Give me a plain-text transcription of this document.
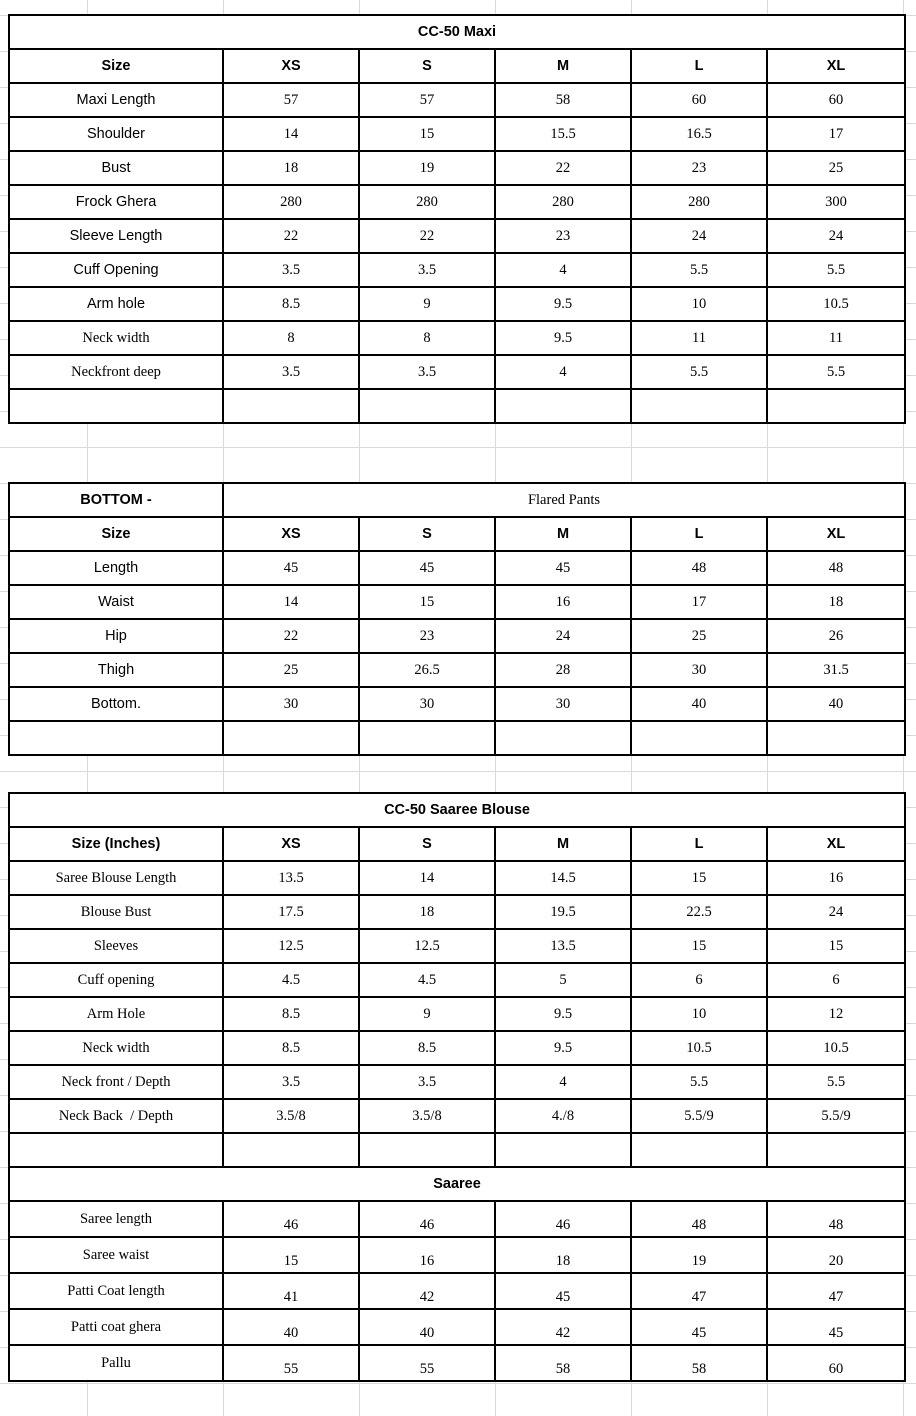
CC-50 Maxi					
Size	XS	S	M	L	XL
Maxi Length	57	57	58	60	60
Shoulder	14	15	15.5	16.5	17
Bust	18	19	22	23	25
Frock Ghera	280	280	280	280	300
Sleeve Length	22	22	23	24	24
Cuff Opening	3.5	3.5	4	5.5	5.5
Arm hole	8.5	9	9.5	10	10.5
Neck width	8	8	9.5	11	11
Neckfront deep	3.5	3.5	4	5.5	5.5

BOTTOM -	Flared Pants				
Size	XS	S	M	L	XL
Length	45	45	45	48	48
Waist	14	15	16	17	18
Hip	22	23	24	25	26
Thigh	25	26.5	28	30	31.5
Bottom.	30	30	30	40	40

CC-50 Saaree Blouse					
Size (Inches)	XS	S	M	L	XL
Saree Blouse Length	13.5	14	14.5	15	16
Blouse Bust	17.5	18	19.5	22.5	24
Sleeves	12.5	12.5	13.5	15	15
Cuff opening	4.5	4.5	5	6	6
Arm Hole	8.5	9	9.5	10	12
Neck width	8.5	8.5	9.5	10.5	10.5
Neck front / Depth	3.5	3.5	4	5.5	5.5
Neck Back  / Depth	3.5/8	3.5/8	4./8	5.5/9	5.5/9

Saaree					
Saree length	46	46	46	48	48
Saree waist	15	16	18	19	20
Patti Coat length	41	42	45	47	47
Patti coat ghera	40	40	42	45	45
Pallu	55	55	58	58	60
